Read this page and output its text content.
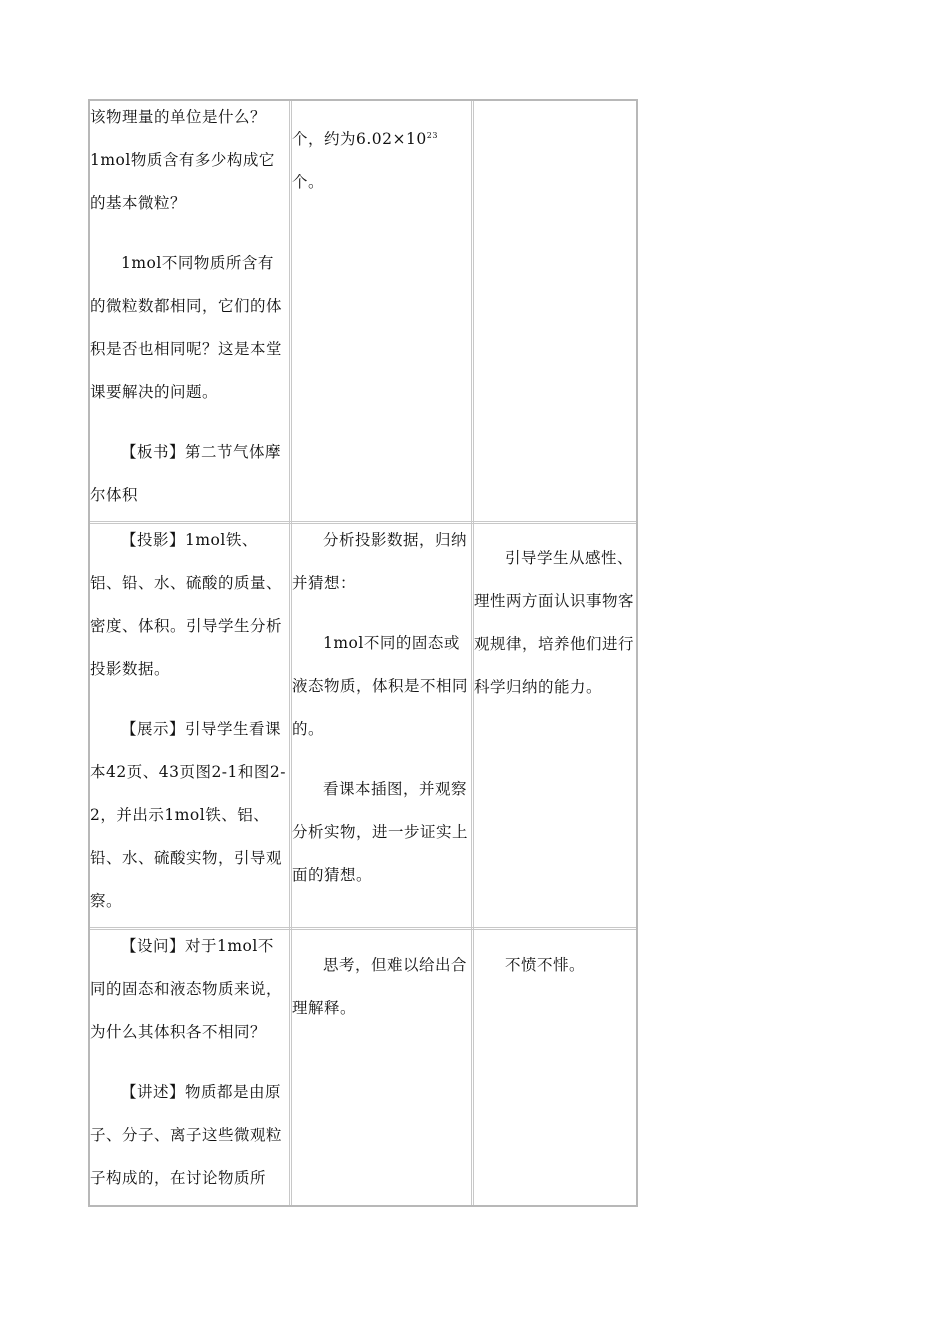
该物理量的单位是什么？1mol物质含有多少构成它的基本微粒？

1mol不同物质所含有的微粒数都相同，它们的体积是否也相同呢？这是本堂课要解决的问题。

【板书】第二节气体摩尔体积

个，约为$6.02\times 10^{23}$
个。

【投影】1mol铁、铝、铅、水、硫酸的质量、密度、体积。引导学生分析投影数据。

【展示】引导学生看课本42页、43页图2-1和图2-2，并出示1mol铁、铝、铅、水、硫酸实物，引导观察。

分析投影数据，归纳并猜想：

1mol不同的固态或液态物质，体积是不相同的。

看课本插图，并观察分析实物，进一步证实上面的猜想。

引导学生从感性、理性两方面认识事物客观规律，培养他们进行科学归纳的能力。

【设问】对于1mol不同的固态和液态物质来说，为什么其体积各不相同？

【讲述】物质都是由原子、分子、离子这些微观粒子构成的，在讨论物质所

思考，但难以给出合理解释。

不愤不悱。
